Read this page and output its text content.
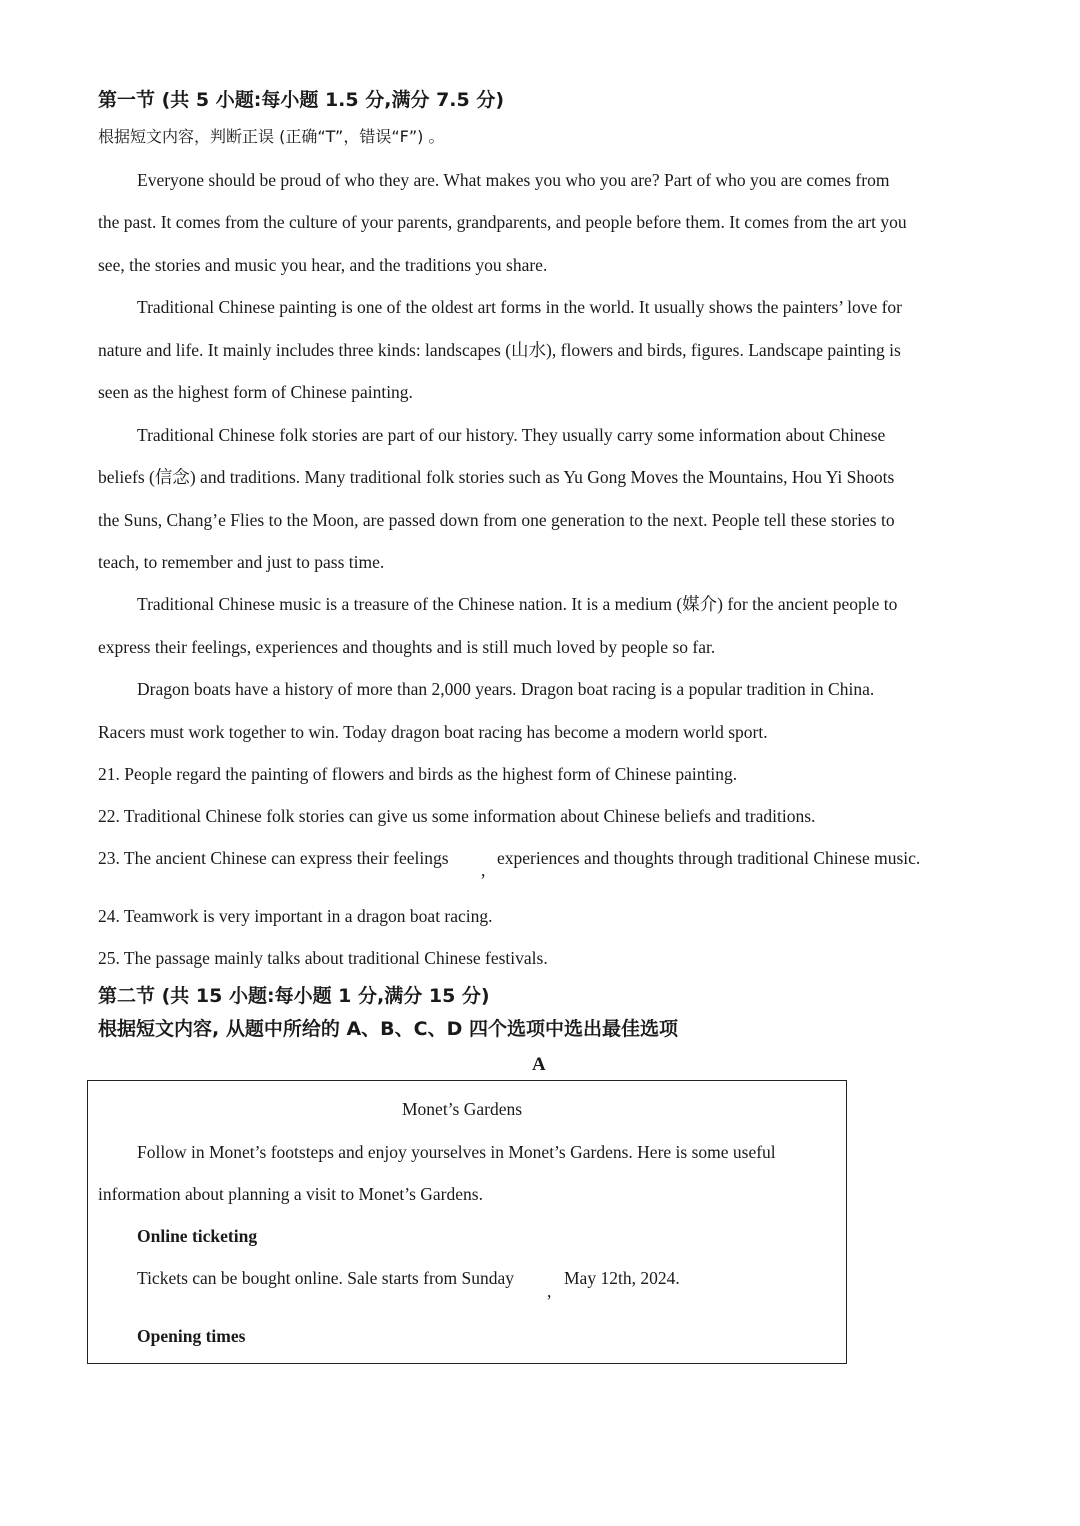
第一节 (共 5 小题:每小题 1.5 分,满分 7.5 分)
根据短文内容，判断正误 (正确“T”，错误“F”) 。
Everyone should be proud of who they are. What makes you who you are? Part of who you are comes from
the past. It comes from the culture of your parents, grandparents, and people before them. It comes from the art you
see, the stories and music you hear, and the traditions you share.
Traditional Chinese painting is one of the oldest art forms in the world. It usually shows the painters’ love for
nature and life. It mainly includes three kinds: landscapes (山水), flowers and birds, figures. Landscape painting is
seen as the highest form of Chinese painting.
Traditional Chinese folk stories are part of our history. They usually carry some information about Chinese
beliefs (信念) and traditions. Many traditional folk stories such as Yu Gong Moves the Mountains, Hou Yi Shoots
the Suns, Chang’e Flies to the Moon, are passed down from one generation to the next. People tell these stories to
teach, to remember and just to pass time.
Traditional Chinese music is a treasure of the Chinese nation. It is a medium (媒介) for the ancient people to
express their feelings, experiences and thoughts and is still much loved by people so far.
Dragon boats have a history of more than 2,000 years. Dragon boat racing is a popular tradition in China.
Racers must work together to win. Today dragon boat racing has become a modern world sport.
21. People regard the painting of flowers and birds as the highest form of Chinese painting.
22. Traditional Chinese folk stories can give us some information about Chinese beliefs and traditions.
23. The ancient Chinese can express their feelings
,
experiences and thoughts through traditional Chinese music.
24. Teamwork is very important in a dragon boat racing.
25. The passage mainly talks about traditional Chinese festivals.
第二节 (共 15 小题:每小题 1 分,满分 15 分)
根据短文内容, 从题中所给的 A、B、C、D 四个选项中选出最佳选项
A
Monet’s Gardens
Follow in Monet’s footsteps and enjoy yourselves in Monet’s Gardens. Here is some useful
information about planning a visit to Monet’s Gardens.
Online ticketing
Tickets can be bought online. Sale starts from Sunday
,
May 12th, 2024.
Opening times
